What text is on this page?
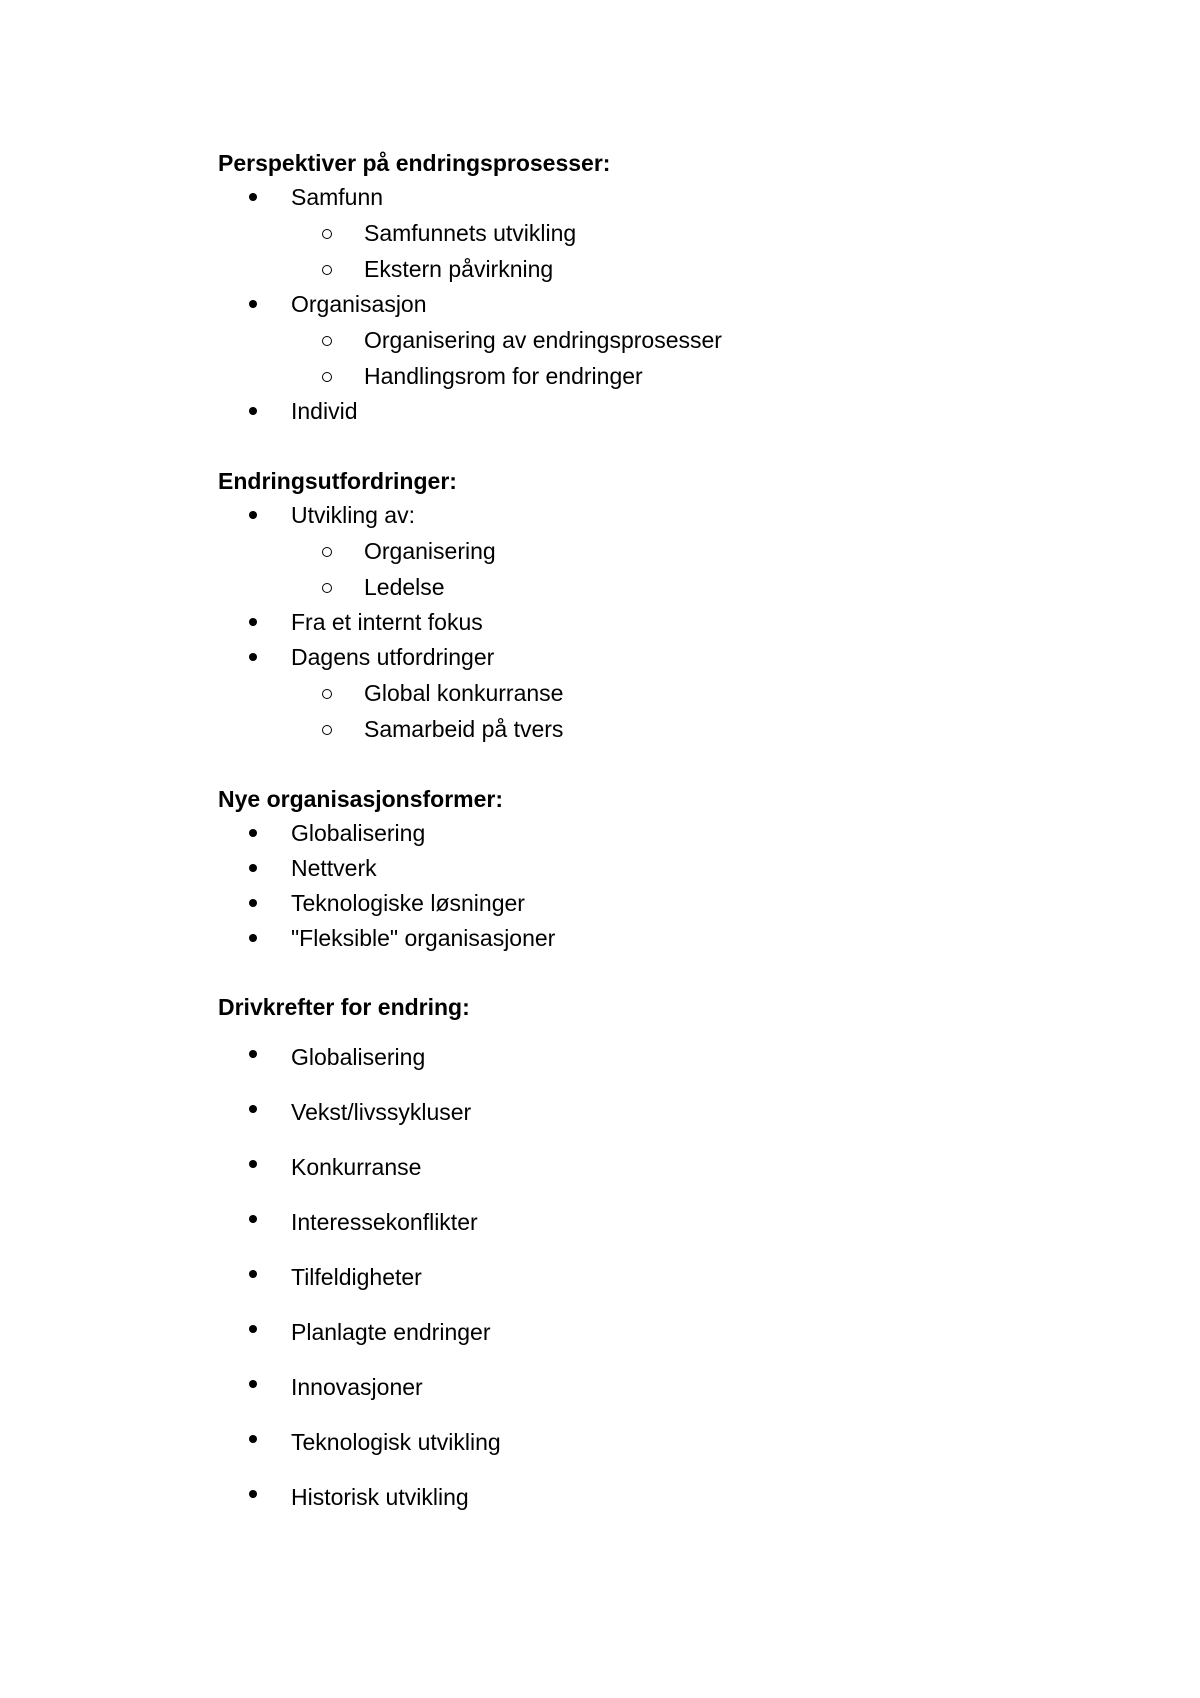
Perspektiver på endringsprosesser:
Samfunn
Samfunnets utvikling
Ekstern påvirkning
Organisasjon
Organisering av endringsprosesser
Handlingsrom for endringer
Individ
Endringsutfordringer:
Utvikling av:
Organisering
Ledelse
Fra et internt fokus
Dagens utfordringer
Global konkurranse
Samarbeid på tvers
Nye organisasjonsformer:
Globalisering
Nettverk
Teknologiske løsninger
"Fleksible" organisasjoner
Drivkrefter for endring:
Globalisering
Vekst/livssykluser
Konkurranse
Interessekonflikter
Tilfeldigheter
Planlagte endringer
Innovasjoner
Teknologisk utvikling
Historisk utvikling
